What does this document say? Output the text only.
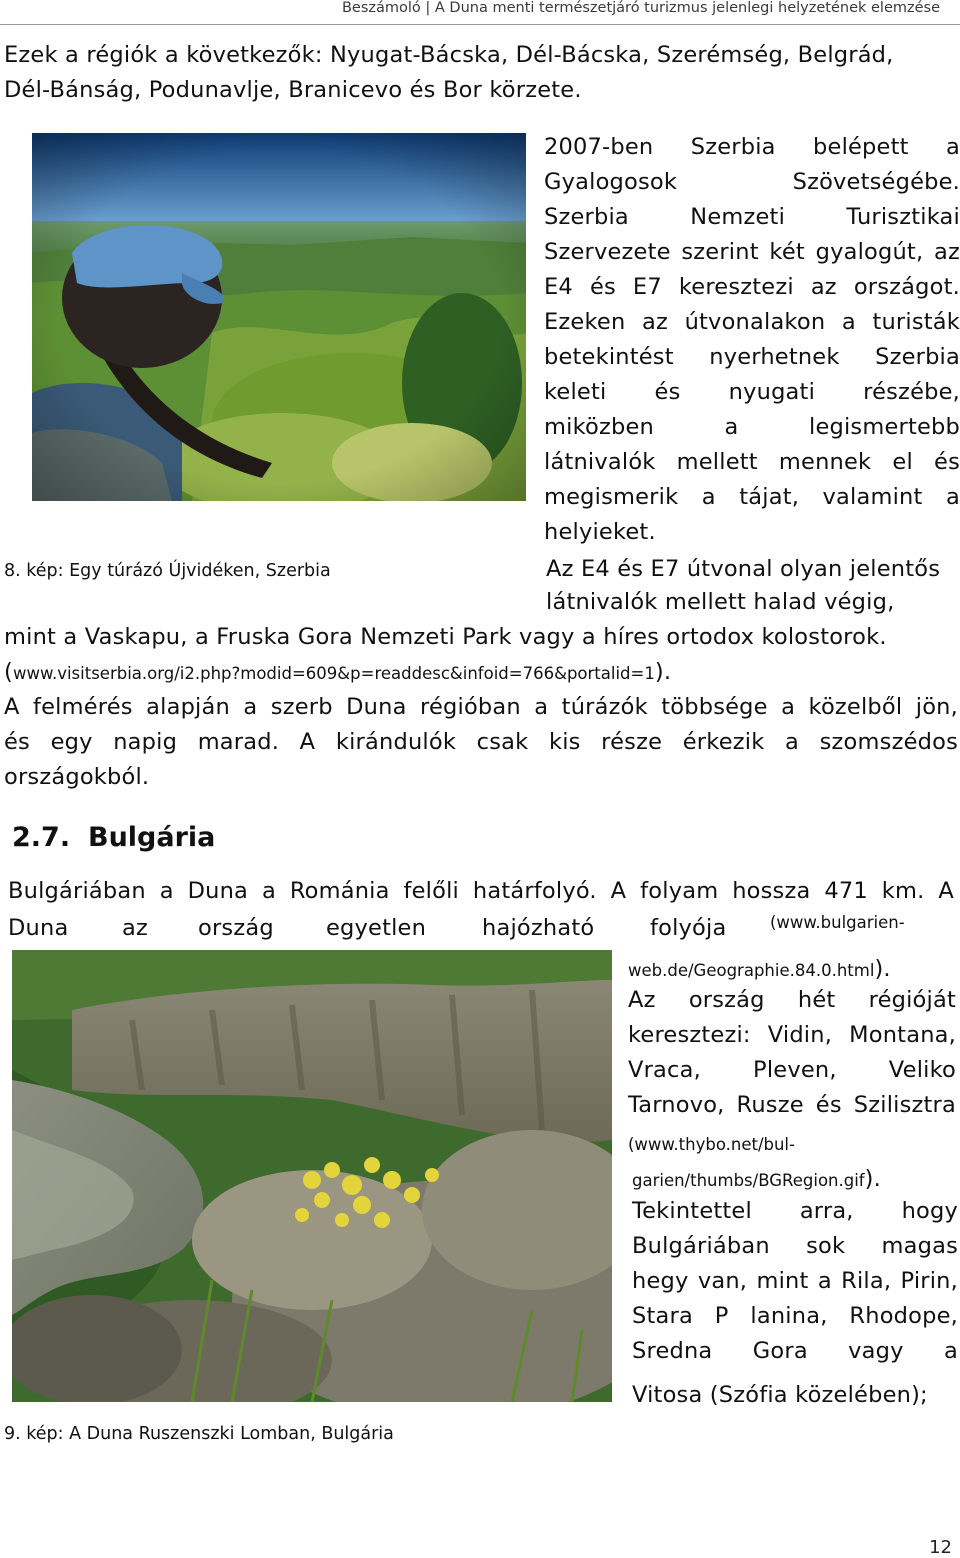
Beszámoló | A Duna menti természetjáró turizmus jelenlegi helyzetének elemzése
Ezek a régiók a következők: Nyugat-Bácska, Dél-Bácska, Szerémség, Belgrád,
Dél-Bánság, Podunavlje, Branicevo és Bor körzete.
2007-ben Szerbia belépett a
Gyalogosok Szövetségébe.
Szerbia Nemzeti Turisztikai
Szervezete szerint két gyalogút, az
E4 és E7 keresztezi az országot.
Ezeken az útvonalakon a turisták
betekintést nyerhetnek Szerbia
keleti és nyugati részébe,
miközben a legismertebb
látnivalók mellett mennek el és
megismerik a tájat, valamint a
helyieket.
8. kép: Egy túrázó Újvidéken, Szerbia	Az E4 és E7 útvonal olyan jelentős
látnivalók mellett halad végig,
mint a Vaskapu, a Fruska Gora Nemzeti Park vagy a híres ortodox kolostorok.
(www.visitserbia.org/i2.php?modid=609&p=readdesc&infoid=766&portalid=1).
A felmérés alapján a szerb Duna régióban a túrázók többsége a közelből jön,
és egy napig marad. A kirándulók csak kis része érkezik a szomszédos
országokból.
2.7. Bulgária
Bulgáriában a Duna a Románia felőli határfolyó. A folyam hossza 471 km. A
Duna az ország egyetlen hajózható folyója	(www.bulgarien-
web.de/Geographie.84.0.html).
Az ország hét régióját
keresztezi: Vidin, Montana,
Vraca, Pleven, Veliko
Tarnovo, Rusze és Szilisztra
(www.thybo.net/bul-
garien/thumbs/BGRegion.gif).
Tekintettel arra, hogy
Bulgáriában sok magas
hegy van, mint a Rila, Pirin,
Stara P lanina, Rhodope,
Sredna Gora vagy a
Vitosa (Szófia közelében);
9. kép: A Duna Ruszenszki Lomban, Bulgária
12
